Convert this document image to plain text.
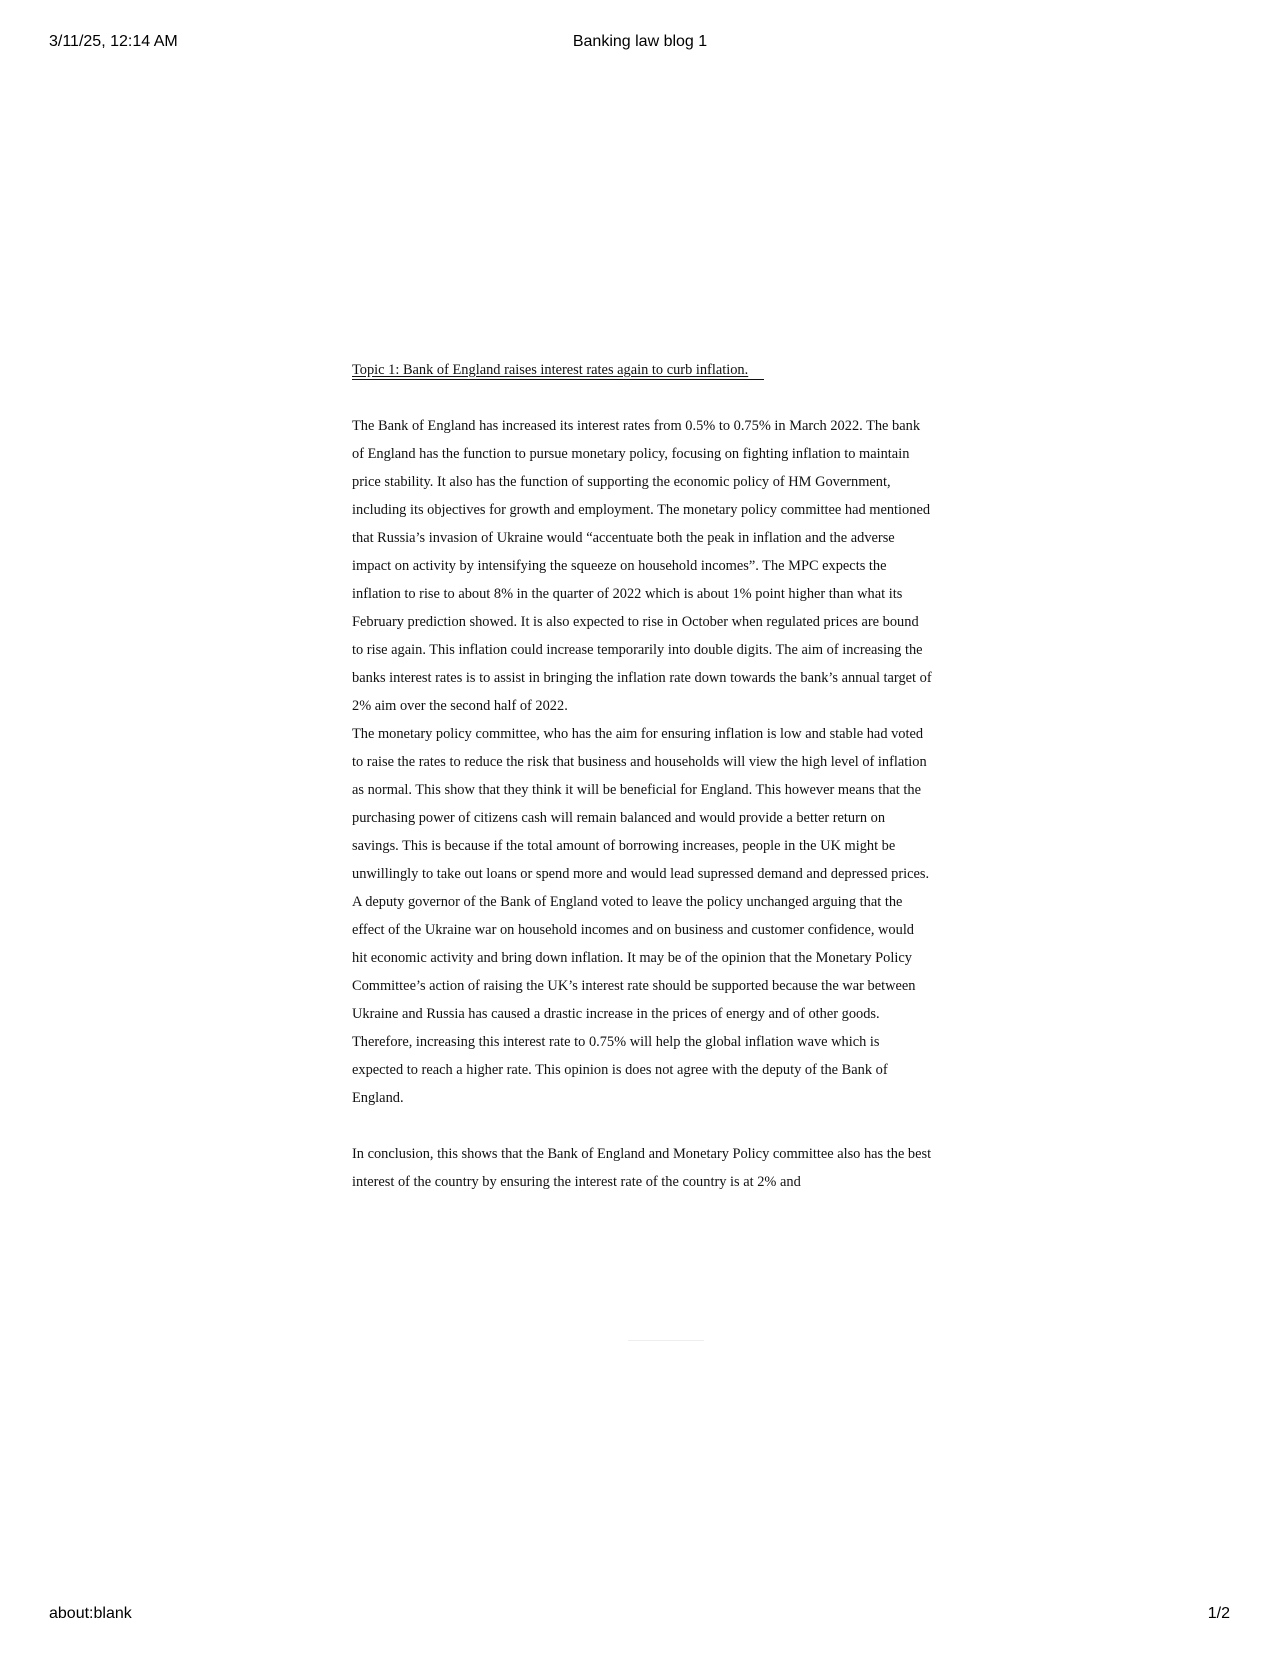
3/11/25, 12:14 AM	Banking law blog 1
Topic 1: Bank of England raises interest rates again to curb inflation.

The Bank of England has increased its interest rates from 0.5% to 0.75% in March 2022. The bank of England has the function to pursue monetary policy, focusing on fighting inflation to maintain price stability. It also has the function of supporting the economic policy of HM Government, including its objectives for growth and employment. The monetary policy committee had mentioned that Russia’s invasion of Ukraine would “accentuate both the peak in inflation and the adverse impact on activity by intensifying the squeeze on household incomes”. The MPC expects the inflation to rise to about 8% in the quarter of 2022 which is about 1% point higher than what its February prediction showed. It is also expected to rise in October when regulated prices are bound to rise again. This inflation could increase temporarily into double digits. The aim of increasing the banks interest rates is to assist in bringing the inflation rate down towards the bank’s annual target of 2% aim over the second half of 2022.

The monetary policy committee, who has the aim for ensuring inflation is low and stable had voted to raise the rates to reduce the risk that business and households will view the high level of inflation as normal. This show that they think it will be beneficial for England. This however means that the purchasing power of citizens cash will remain balanced and would provide a better return on savings. This is because if the total amount of borrowing increases, people in the UK might be unwillingly to take out loans or spend more and would lead supressed demand and depressed prices.

A deputy governor of the Bank of England voted to leave the policy unchanged arguing that the effect of the Ukraine war on household incomes and on business and customer confidence, would hit economic activity and bring down inflation. It may be of the opinion that the Monetary Policy Committee’s action of raising the UK’s interest rate should be supported because the war between Ukraine and Russia has caused a drastic increase in the prices of energy and of other goods. Therefore, increasing this interest rate to 0.75% will help the global inflation wave which is expected to reach a higher rate. This opinion is does not agree with the deputy of the Bank of England.

In conclusion, this shows that the Bank of England and Monetary Policy committee also has the best interest of the country by ensuring the interest rate of the country is at 2% and

about:blank	1/2
